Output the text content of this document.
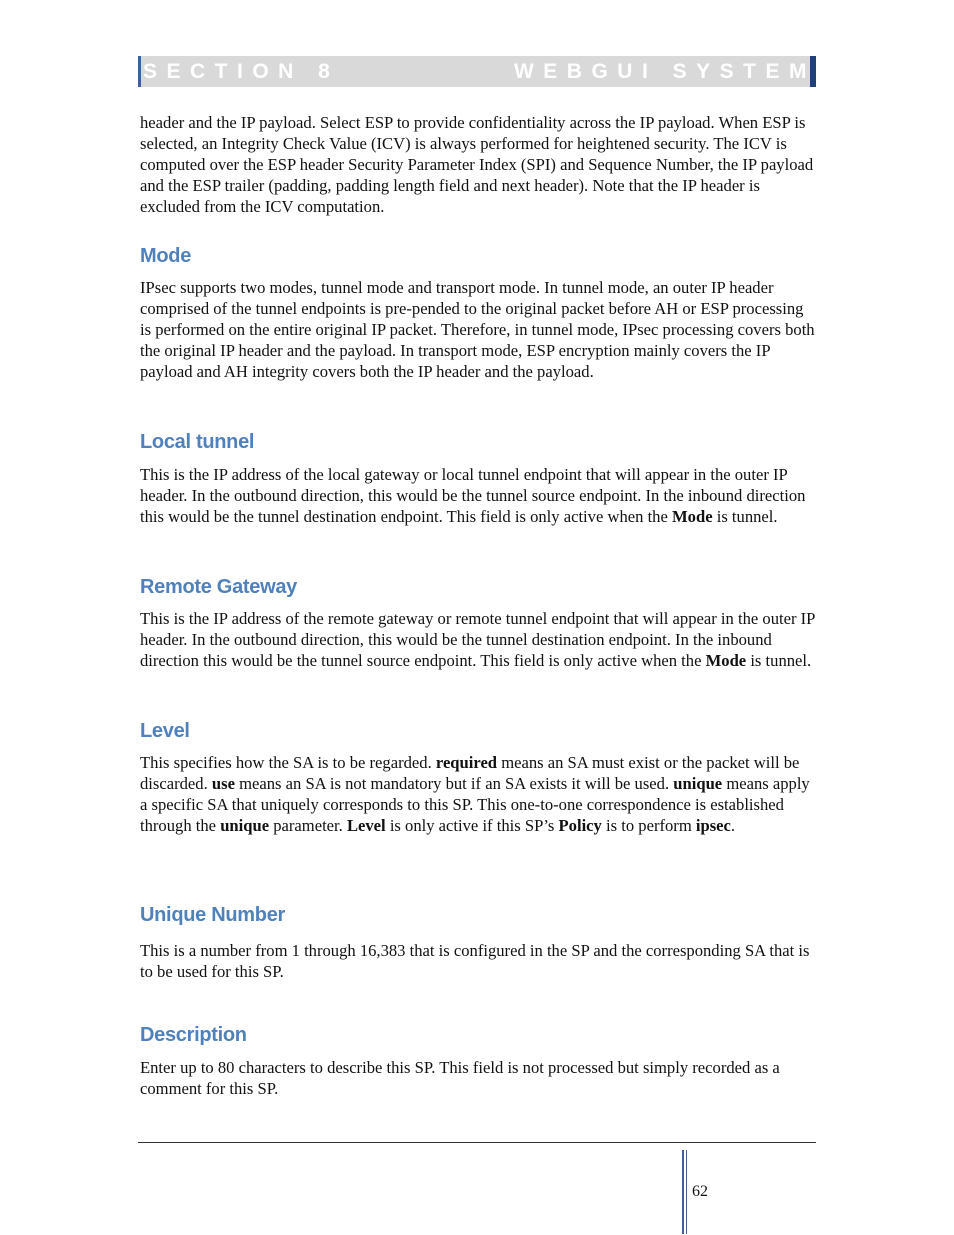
SECTION 8	WEBGUI SYSTEM

header and the IP payload. Select ESP to provide confidentiality across the IP payload. When ESP is selected, an Integrity Check Value (ICV) is always performed for heightened security. The ICV is computed over the ESP header Security Parameter Index (SPI) and Sequence Number, the IP payload and the ESP trailer (padding, padding length field and next header). Note that the IP header is excluded from the ICV computation.

Mode

IPsec supports two modes, tunnel mode and transport mode. In tunnel mode, an outer IP header comprised of the tunnel endpoints is pre-pended to the original packet before AH or ESP processing is performed on the entire original IP packet. Therefore, in tunnel mode, IPsec processing covers both the original IP header and the payload. In transport mode, ESP encryption mainly covers the IP payload and AH integrity covers both the IP header and the payload.

Local tunnel

This is the IP address of the local gateway or local tunnel endpoint that will appear in the outer IP header. In the outbound direction, this would be the tunnel source endpoint. In the inbound direction this would be the tunnel destination endpoint. This field is only active when the Mode is tunnel.

Remote Gateway

This is the IP address of the remote gateway or remote tunnel endpoint that will appear in the outer IP header. In the outbound direction, this would be the tunnel destination endpoint. In the inbound direction this would be the tunnel source endpoint. This field is only active when the Mode is tunnel.

Level

This specifies how the SA is to be regarded. required means an SA must exist or the packet will be discarded. use means an SA is not mandatory but if an SA exists it will be used. unique means apply a specific SA that uniquely corresponds to this SP. This one-to-one correspondence is established through the unique parameter. Level is only active if this SP’s Policy is to perform ipsec.

Unique Number

This is a number from 1 through 16,383 that is configured in the SP and the corresponding SA that is to be used for this SP.

Description

Enter up to 80 characters to describe this SP. This field is not processed but simply recorded as a comment for this SP.

62
